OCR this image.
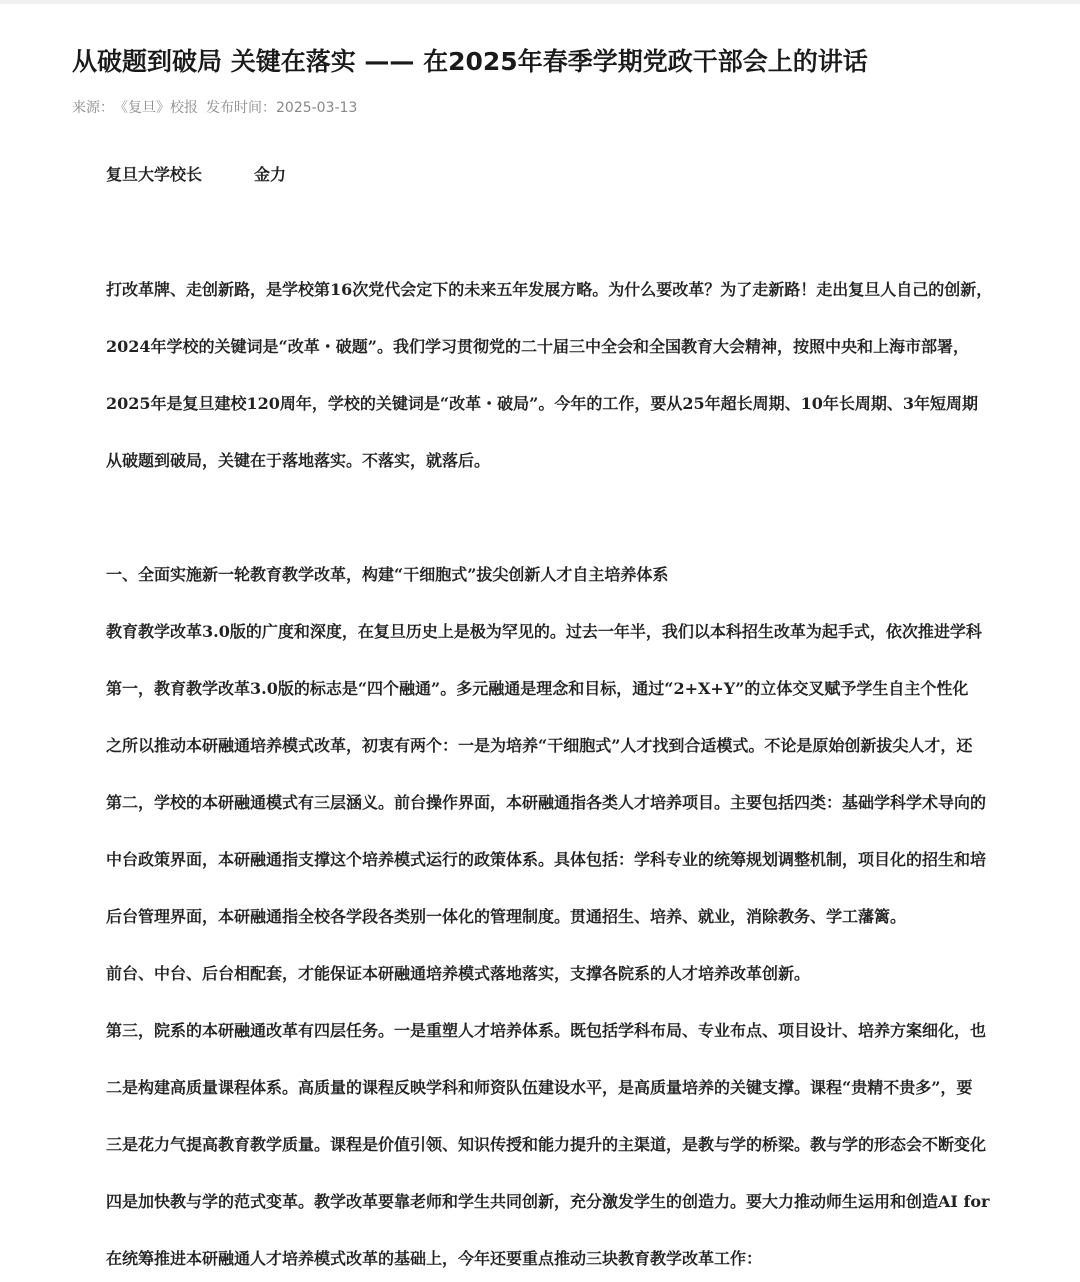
从破题到破局 关键在落实 —— 在2025年春季学期党政干部会上的讲话
来源：《复旦》校报 发布时间：2025-03-13

复旦大学校长	金力

打改革牌、走创新路，是学校第16次党代会定下的未来五年发展方略。为什么要改革？为了走新路！走出复旦人自己的创新，

2024年学校的关键词是“改革・破题”。我们学习贯彻党的二十届三中全会和全国教育大会精神，按照中央和上海市部署，

2025年是复旦建校120周年，学校的关键词是“改革・破局”。今年的工作，要从25年超长周期、10年长周期、3年短周期

从破题到破局，关键在于落地落实。不落实，就落后。

一、全面实施新一轮教育教学改革，构建“干细胞式”拔尖创新人才自主培养体系

教育教学改革3.0版的广度和深度，在复旦历史上是极为罕见的。过去一年半，我们以本科招生改革为起手式，依次推进学科

第一，教育教学改革3.0版的标志是“四个融通”。多元融通是理念和目标，通过“2+X+Y”的立体交叉赋予学生自主个性化

之所以推动本研融通培养模式改革，初衷有两个：一是为培养“干细胞式”人才找到合适模式。不论是原始创新拔尖人才，还

第二，学校的本研融通模式有三层涵义。前台操作界面，本研融通指各类人才培养项目。主要包括四类：基础学科学术导向的

中台政策界面，本研融通指支撑这个培养模式运行的政策体系。具体包括：学科专业的统筹规划调整机制，项目化的招生和培

后台管理界面，本研融通指全校各学段各类别一体化的管理制度。贯通招生、培养、就业，消除教务、学工藩篱。

前台、中台、后台相配套，才能保证本研融通培养模式落地落实，支撑各院系的人才培养改革创新。

第三，院系的本研融通改革有四层任务。一是重塑人才培养体系。既包括学科布局、专业布点、项目设计、培养方案细化，也

二是构建高质量课程体系。高质量的课程反映学科和师资队伍建设水平，是高质量培养的关键支撑。课程“贵精不贵多”，要

三是花力气提高教育教学质量。课程是价值引领、知识传授和能力提升的主渠道，是教与学的桥梁。教与学的形态会不断变化

四是加快教与学的范式变革。教学改革要靠老师和学生共同创新，充分激发学生的创造力。要大力推动师生运用和创造AI for

在统筹推进本研融通人才培养模式改革的基础上，今年还要重点推动三块教育教学改革工作：
